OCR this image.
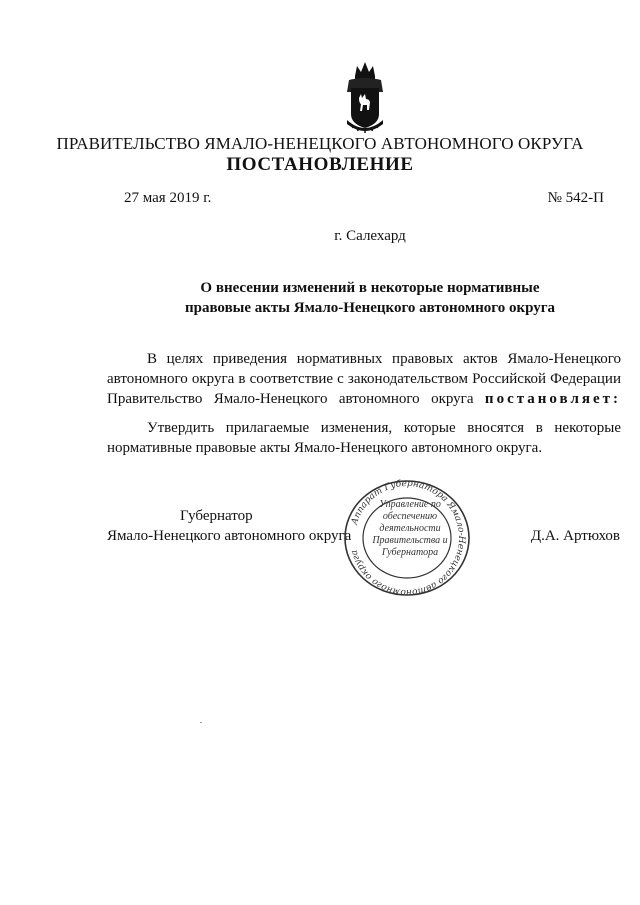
ПРАВИТЕЛЬСТВО ЯМАЛО-НЕНЕЦКОГО АВТОНОМНОГО ОКРУГА
ПОСТАНОВЛЕНИЕ
27 мая 2019 г.	№ 542-П
г. Салехард
О внесении изменений в некоторые нормативные
правовые акты Ямало-Ненецкого автономного округа
В целях приведения нормативных правовых актов Ямало-Ненецкого
автономного округа в соответствие с законодательством Российской Федерации
Правительство Ямало-Ненецкого автономного округа постановляет:
Утвердить прилагаемые изменения, которые вносятся в некоторые
нормативные правовые акты Ямало-Ненецкого автономного округа.
Губернатор
Ямало-Ненецкого автономного округа	Д.А. Артюхов
Аппарат Губернатора Ямало-Ненецкого автономного округа
Управление по обеспечению деятельности Правительства и Губернатора
